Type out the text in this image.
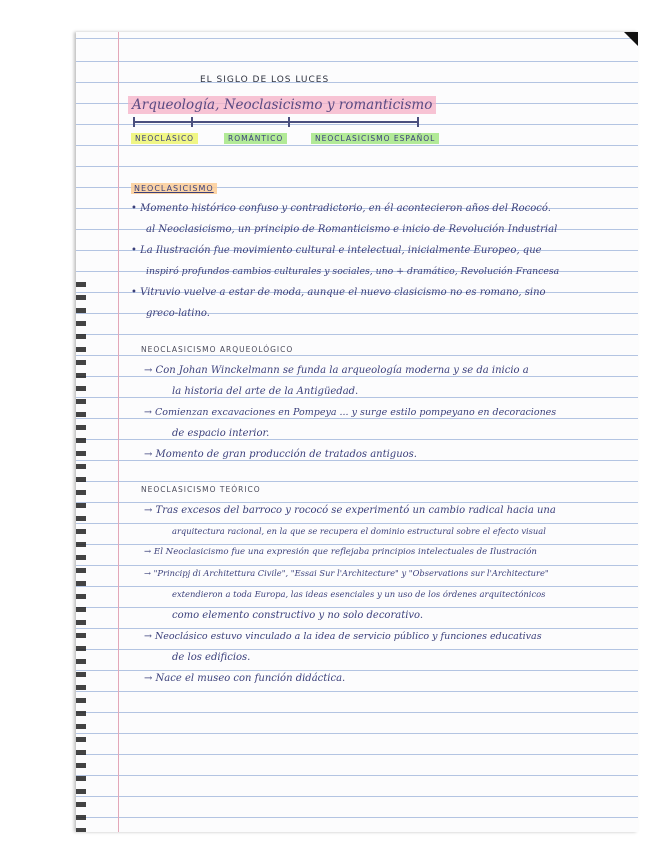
EL SIGLO DE LOS LUCES
Arqueología, Neoclasicismo y romanticismo
NEOCLÁSICO	ROMÁNTICO	NEOCLASICISMO ESPAÑOL
NEOCLASICISMO
• Momento histórico confuso y contradictorio, en él acontecieron años del Rococó.
al Neoclasicismo, un principio de Romanticismo e inicio de Revolución Industrial
• La Ilustración fue movimiento cultural e intelectual, inicialmente Europeo, que
inspiró profundos cambios culturales y sociales, uno + dramático, Revolución Francesa
• Vitruvio vuelve a estar de moda, aunque el nuevo clasicismo no es romano, sino
greco-latino.
NEOCLASICISMO ARQUEOLÓGICO
→ Con Johan Winckelmann se funda la arqueología moderna y se da inicio a
la historia del arte de la Antigüedad.
→ Comienzan excavaciones en Pompeya ... y surge estilo pompeyano en decoraciones
de espacio interior.
→ Momento de gran producción de tratados antiguos.
NEOCLASICISMO TEÓRICO
→ Tras excesos del barroco y rococó se experimentó un cambio radical hacia una
arquitectura racional, en la que se recupera el dominio estructural sobre el efecto visual
→ El Neoclasicismo fue una expresión que reflejaba principios intelectuales de Ilustración
→ "Principj di Architettura Civile", "Essai Sur l'Architecture" y "Observations sur l'Architecture"
extendieron a toda Europa, las ideas esenciales y un uso de los órdenes arquitectónicos
como elemento constructivo y no solo decorativo.
→ Neoclásico estuvo vinculado a la idea de servicio público y funciones educativas
de los edificios.
→ Nace el museo con función didáctica.
